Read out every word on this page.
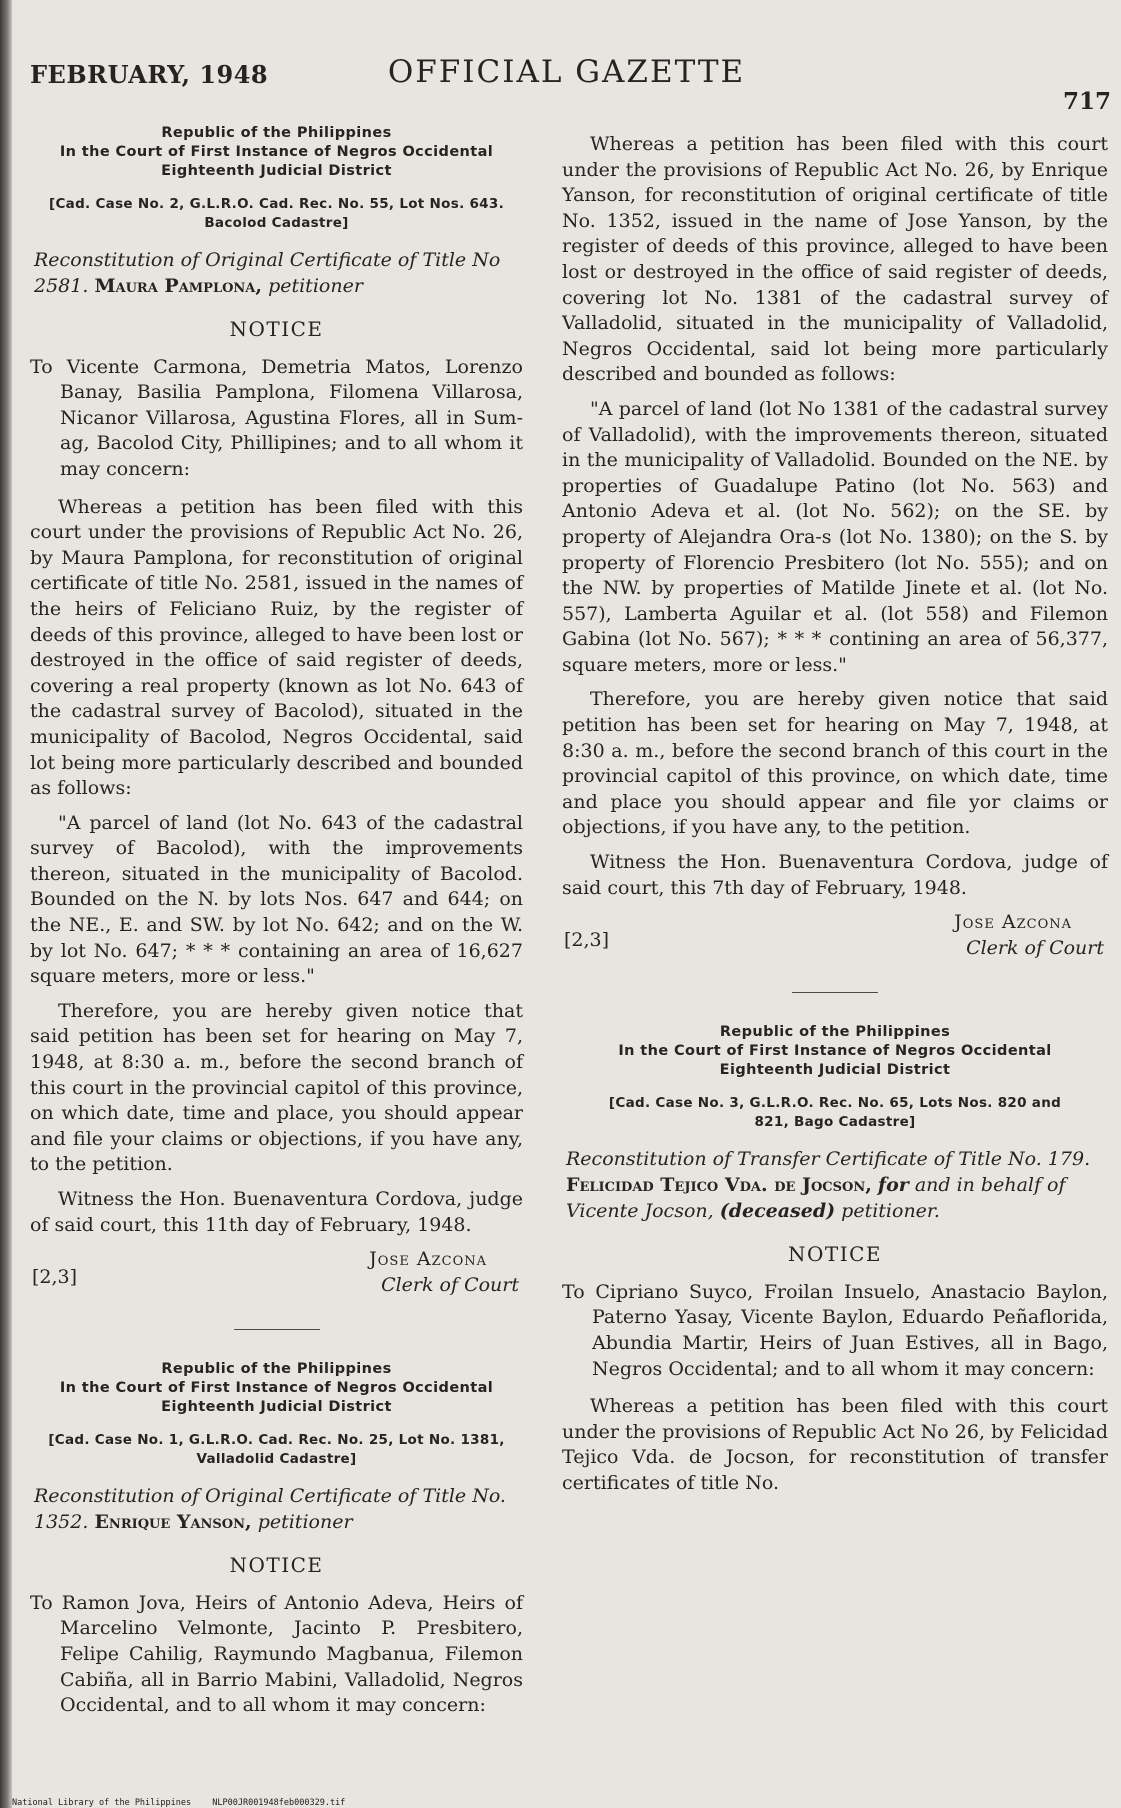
FEBRUARY, 1948	OFFICIAL GAZETTE
717
Republic of the Philippines
In the Court of First Instance of Negros Occidental
Eighteenth Judicial District
[Cad. Case No. 2, G.L.R.O. Cad. Rec. No. 55, Lot Nos. 643.
Bacolod Cadastre]
Reconstitution of Original Certificate of Title No 2581. Maura Pamplona, petitioner
NOTICE

To Vicente Carmona, Demetria Matos, Lorenzo Banay, Basilia Pamplona, Filomena Villarosa, Nicanor Villarosa, Agustina Flores, all in Sum-ag, Bacolod City, Phillipines; and to all whom it may concern:

Whereas a petition has been filed with this court under the provisions of Republic Act No. 26, by Maura Pamplona, for reconstitution of original certificate of title No. 2581, issued in the names of the heirs of Feliciano Ruiz, by the register of deeds of this province, alleged to have been lost or destroyed in the office of said register of deeds, covering a real property (known as lot No. 643 of the cadastral survey of Bacolod), situated in the municipality of Bacolod, Negros Occidental, said lot being more particularly described and bounded as follows:

"A parcel of land (lot No. 643 of the cadastral survey of Bacolod), with the improvements thereon, situated in the municipality of Bacolod. Bounded on the N. by lots Nos. 647 and 644; on the NE., E. and SW. by lot No. 642; and on the W. by lot No. 647; * * * containing an area of 16,627 square meters, more or less."

Therefore, you are hereby given notice that said petition has been set for hearing on May 7, 1948, at 8:30 a. m., before the second branch of this court in the provincial capitol of this province, on which date, time and place, you should appear and file your claims or objections, if you have any, to the petition.

Witness the Hon. Buenaventura Cordova, judge of said court, this 11th day of February, 1948.

[2,3]
Jose Azcona
Clerk of Court
Republic of the Philippines
In the Court of First Instance of Negros Occidental
Eighteenth Judicial District
[Cad. Case No. 1, G.L.R.O. Cad. Rec. No. 25, Lot No. 1381,
Valladolid Cadastre]
Reconstitution of Original Certificate of Title No. 1352. Enrique Yanson, petitioner
NOTICE

To Ramon Jova, Heirs of Antonio Adeva, Heirs of Marcelino Velmonte, Jacinto P. Presbitero, Felipe Cahilig, Raymundo Magbanua, Filemon Cabiña, all in Barrio Mabini, Valladolid, Negros Occidental, and to all whom it may concern:

Whereas a petition has been filed with this court under the provisions of Republic Act No. 26, by Enrique Yanson, for reconstitution of original certificate of title No. 1352, issued in the name of Jose Yanson, by the register of deeds of this province, alleged to have been lost or destroyed in the office of said register of deeds, covering lot No. 1381 of the cadastral survey of Valladolid, situated in the municipality of Valladolid, Negros Occidental, said lot being more particularly described and bounded as follows:

"A parcel of land (lot No 1381 of the cadastral survey of Valladolid), with the improvements thereon, situated in the municipality of Valladolid. Bounded on the NE. by properties of Guadalupe Patino (lot No. 563) and Antonio Adeva et al. (lot No. 562); on the SE. by property of Alejandra Ora-s (lot No. 1380); on the S. by property of Florencio Presbitero (lot No. 555); and on the NW. by properties of Matilde Jinete et al. (lot No. 557), Lamberta Aguilar et al. (lot 558) and Filemon Gabina (lot No. 567); * * * contining an area of 56,377, square meters, more or less."

Therefore, you are hereby given notice that said petition has been set for hearing on May 7, 1948, at 8:30 a. m., before the second branch of this court in the provincial capitol of this province, on which date, time and place you should appear and file yor claims or objections, if you have any, to the petition.

Witness the Hon. Buenaventura Cordova, judge of said court, this 7th day of February, 1948.

[2,3]
Jose Azcona
Clerk of Court
Republic of the Philippines
In the Court of First Instance of Negros Occidental
Eighteenth Judicial District
[Cad. Case No. 3, G.L.R.O. Rec. No. 65, Lots Nos. 820 and
821, Bago Cadastre]
Reconstitution of Transfer Certificate of Title No. 179. Felicidad Tejico Vda. de Jocson, for and in behalf of Vicente Jocson, (deceased) petitioner.
NOTICE

To Cipriano Suyco, Froilan Insuelo, Anastacio Baylon, Paterno Yasay, Vicente Baylon, Eduardo Peñaflorida, Abundia Martir, Heirs of Juan Estives, all in Bago, Negros Occidental; and to all whom it may concern:

Whereas a petition has been filed with this court under the provisions of Republic Act No 26, by Felicidad Tejico Vda. de Jocson, for reconstitution of transfer certificates of title No.

National Library of the Philippines NLP00JR001948feb000329.tif
